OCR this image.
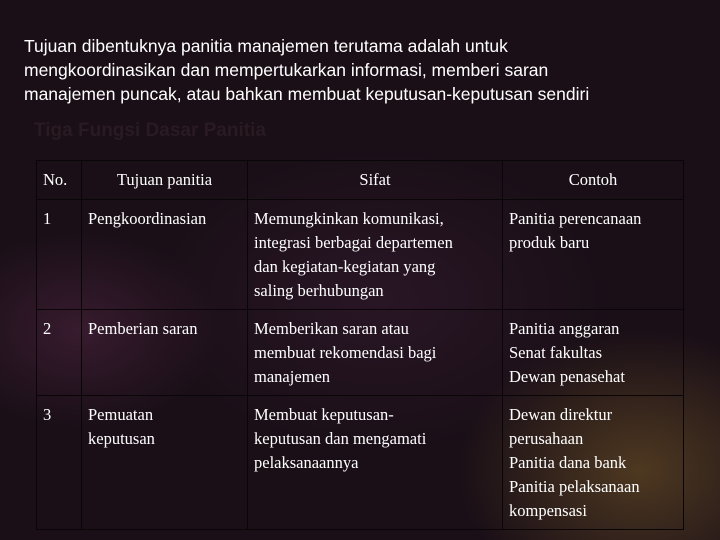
Tujuan dibentuknya panitia manajemen terutama adalah untuk
mengkoordinasikan dan mempertukarkan informasi, memberi saran
manajemen puncak, atau bahkan membuat keputusan-keputusan sendiri

Tiga Fungsi Dasar Panitia
No.	Tujuan panitia	Sifat	Contoh
1	Pengkoordinasian	Memungkinkan komunikasi,
integrasi berbagai departemen
dan kegiatan-kegiatan yang
saling berhubungan	Panitia perencanaan
produk baru

2	Pemberian saran	Memberikan saran atau
membuat rekomendasi bagi
manajemen	Panitia anggaran
Senat fakultas
Dewan penasehat

3	Pemuatan
keputusan	Membuat keputusan-
keputusan dan mengamati
pelaksanaannya	Dewan direktur
perusahaan
Panitia dana bank
Panitia pelaksanaan
kompensasi
